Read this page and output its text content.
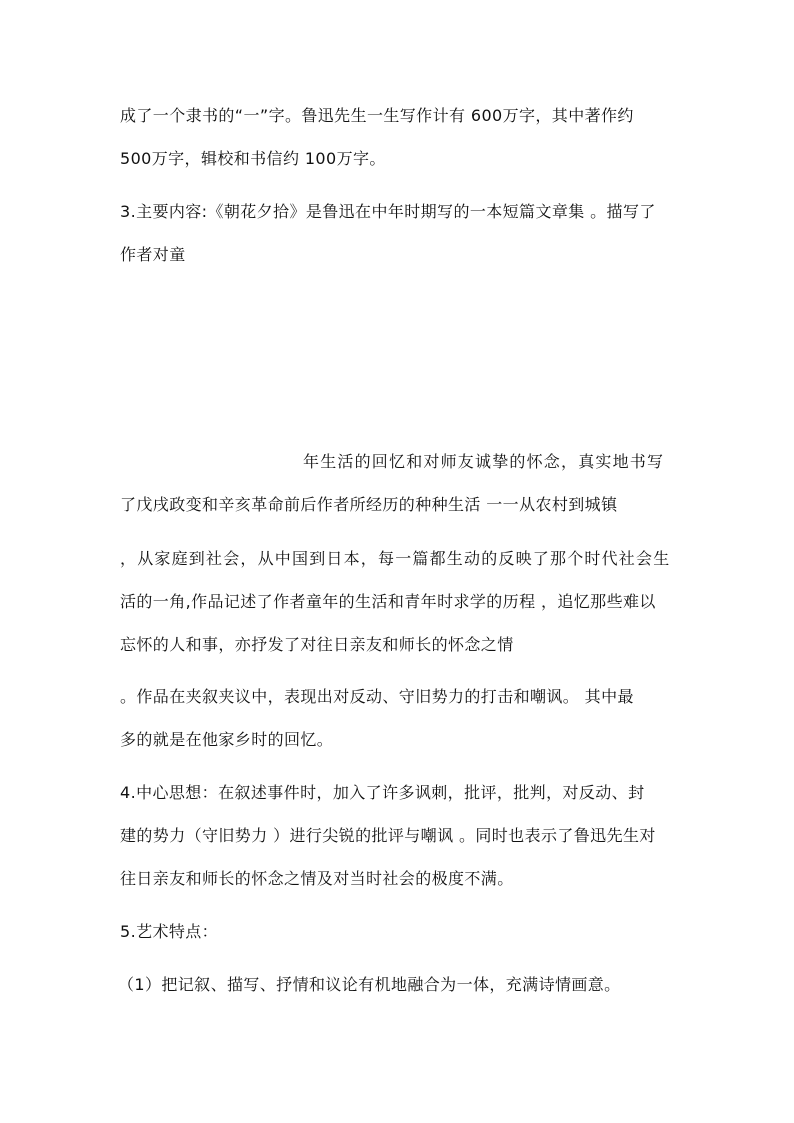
成了一个隶书的“一”字。鲁迅先生一生写作计有 600万字，其中著作约
500万字，辑校和书信约 100万字。
3.主要内容:《朝花夕拾》是鲁迅在中年时期写的一本短篇文章集 。描写了
作者对童
年生活的回忆和对师友诚挚的怀念，真实地书写
了戊戌政变和辛亥革命前后作者所经历的种种生活 一一从农村到城镇
，从家庭到社会，从中国到日本，每一篇都生动的反映了那个时代社会生
活的一角,作品记述了作者童年的生活和青年时求学的历程 ，追忆那些难以
忘怀的人和事，亦抒发了对往日亲友和师长的怀念之情
。作品在夹叙夹议中，表现出对反动、守旧势力的打击和嘲讽。 其中最
多的就是在他家乡时的回忆。
4.中心思想：在叙述事件时，加入了许多讽刺，批评，批判，对反动、封
建的势力（守旧势力 ）进行尖锐的批评与嘲讽 。同时也表示了鲁迅先生对
往日亲友和师长的怀念之情及对当时社会的极度不满。
5.艺术特点：
（1）把记叙、描写、抒情和议论有机地融合为一体，充满诗情画意。
